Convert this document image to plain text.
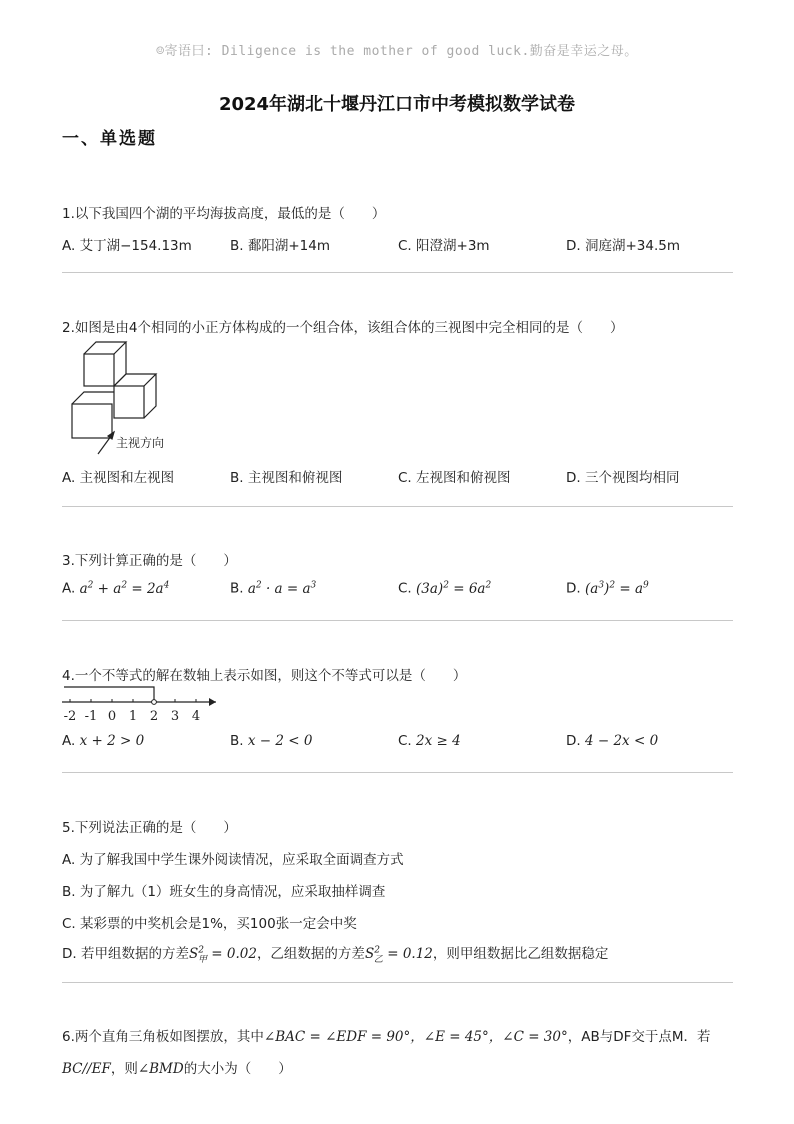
☺寄语曰: Diligence is the mother of good luck.勤奋是幸运之母。
2024年湖北十堰丹江口市中考模拟数学试卷
一、单选题
1.以下我国四个湖的平均海拔高度，最低的是（　　）
A. 艾丁湖−154.13m	B. 鄱阳湖+14m	C. 阳澄湖+3m	D. 洞庭湖+34.5m
2.如图是由4个相同的小正方体构成的一个组合体，该组合体的三视图中完全相同的是（　　）
主视方向
A. 主视图和左视图	B. 主视图和俯视图	C. 左视图和俯视图	D. 三个视图均相同
3.下列计算正确的是（　　）
A. $a^2 + a^2 = 2a^4$	B. $a^2 \cdot a = a^3$	C. $(3a)^2 = 6a^2$	D. $(a^3)^2 = a^9$
4.一个不等式的解在数轴上表示如图，则这个不等式可以是（　　）
-2 -1 0 1 2 3 4
A. x + 2 > 0	B. x − 2 < 0	C. 2x ≥ 4	D. 4 − 2x < 0
5.下列说法正确的是（　　）
A. 为了解我国中学生课外阅读情况，应采取全面调查方式
B. 为了解九（1）班女生的身高情况，应采取抽样调查
C. 某彩票的中奖机会是1%，买100张一定会中奖
D. 若甲组数据的方差$S^2_甲 = 0.02$，乙组数据的方差$S^2_乙 = 0.12$，则甲组数据比乙组数据稳定
6.两个直角三角板如图摆放，其中∠BAC = ∠EDF = 90°，∠E = 45°，∠C = 30°，AB与DF交于点M．若
BC//EF，则∠BMD的大小为（　　）
